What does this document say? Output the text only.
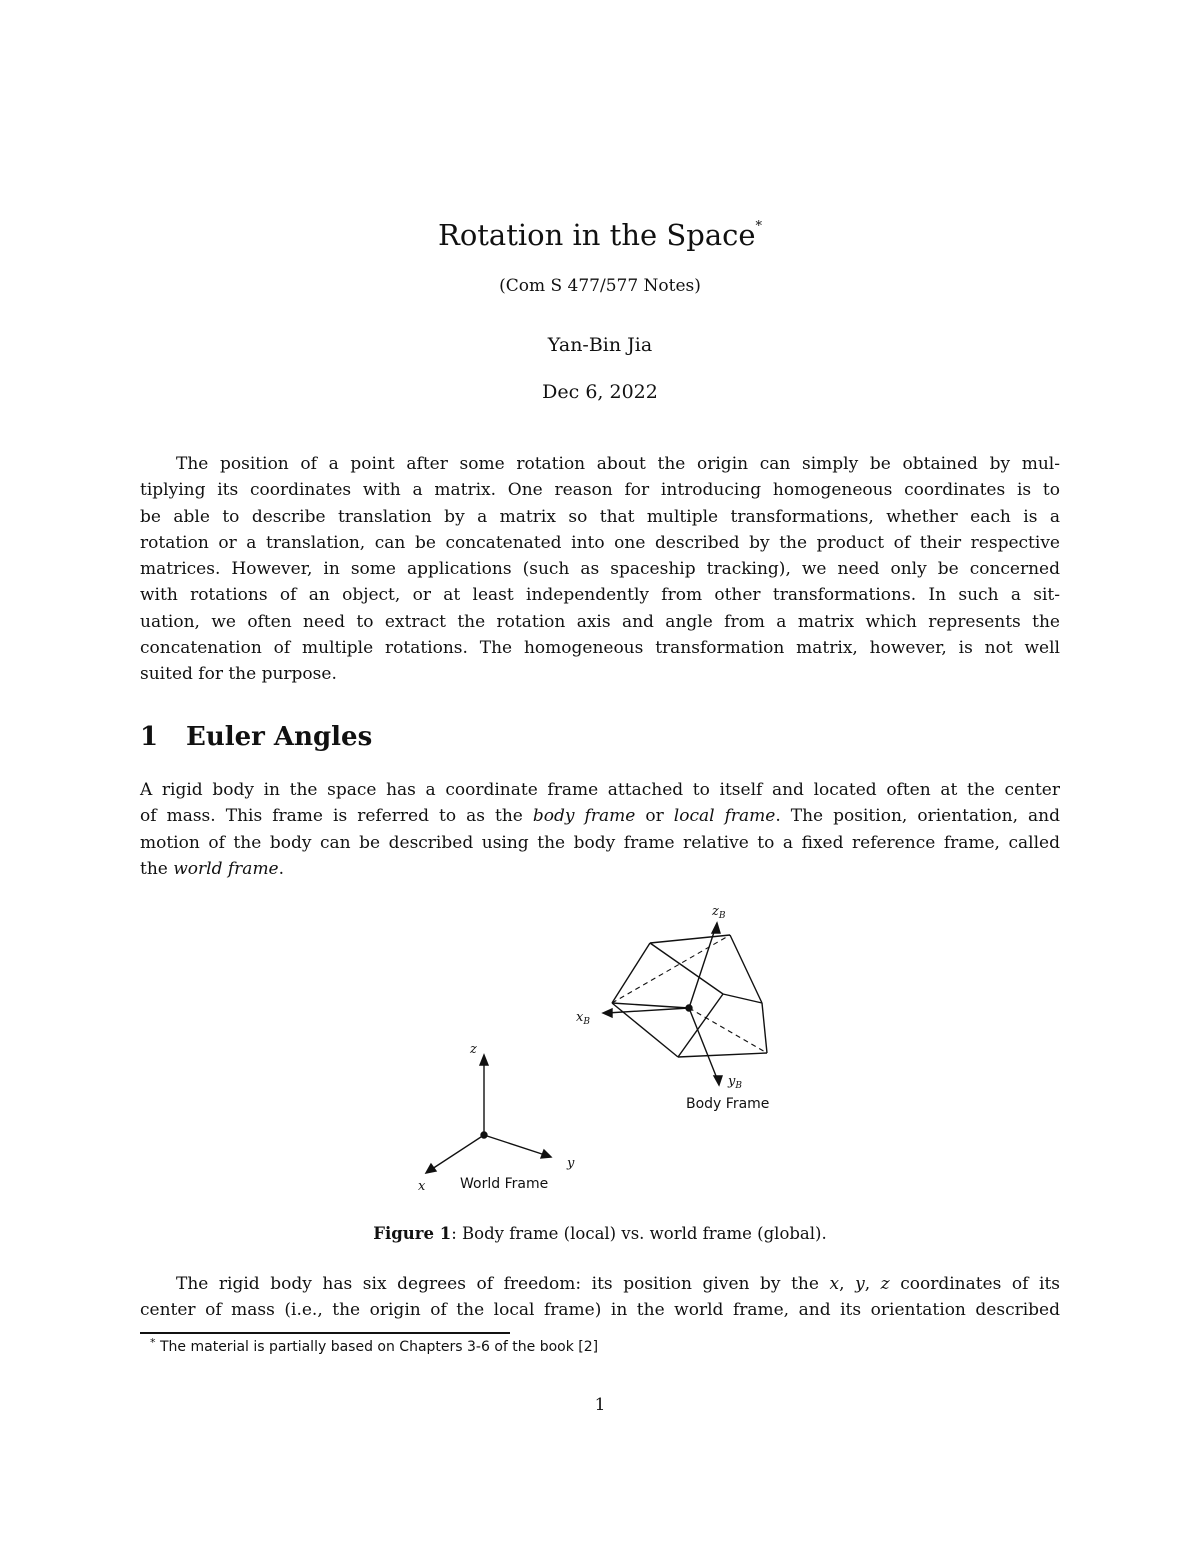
Rotation in the Space*
(Com S 477/577 Notes)
Yan-Bin Jia
Dec 6, 2022
The position of a point after some rotation about the origin can simply be obtained by mul-
tiplying its coordinates with a matrix. One reason for introducing homogeneous coordinates is to
be able to describe translation by a matrix so that multiple transformations, whether each is a
rotation or a translation, can be concatenated into one described by the product of their respective
matrices. However, in some applications (such as spaceship tracking), we need only be concerned
with rotations of an object, or at least independently from other transformations. In such a sit-
uation, we often need to extract the rotation axis and angle from a matrix which represents the
concatenation of multiple rotations. The homogeneous transformation matrix, however, is not well
suited for the purpose.
1 Euler Angles
A rigid body in the space has a coordinate frame attached to itself and located often at the center
of mass. This frame is referred to as the body frame or local frame. The position, orientation, and
motion of the body can be described using the body frame relative to a fixed reference frame, called
the world frame.
$z_B$
$x_B$
$y_B$
Body Frame
z
y
x World Frame
Figure 1: Body frame (local) vs. world frame (global).
The rigid body has six degrees of freedom: its position given by the x, y, z coordinates of its
center of mass (i.e., the origin of the local frame) in the world frame, and its orientation described
* The material is partially based on Chapters 3-6 of the book [2]
1
